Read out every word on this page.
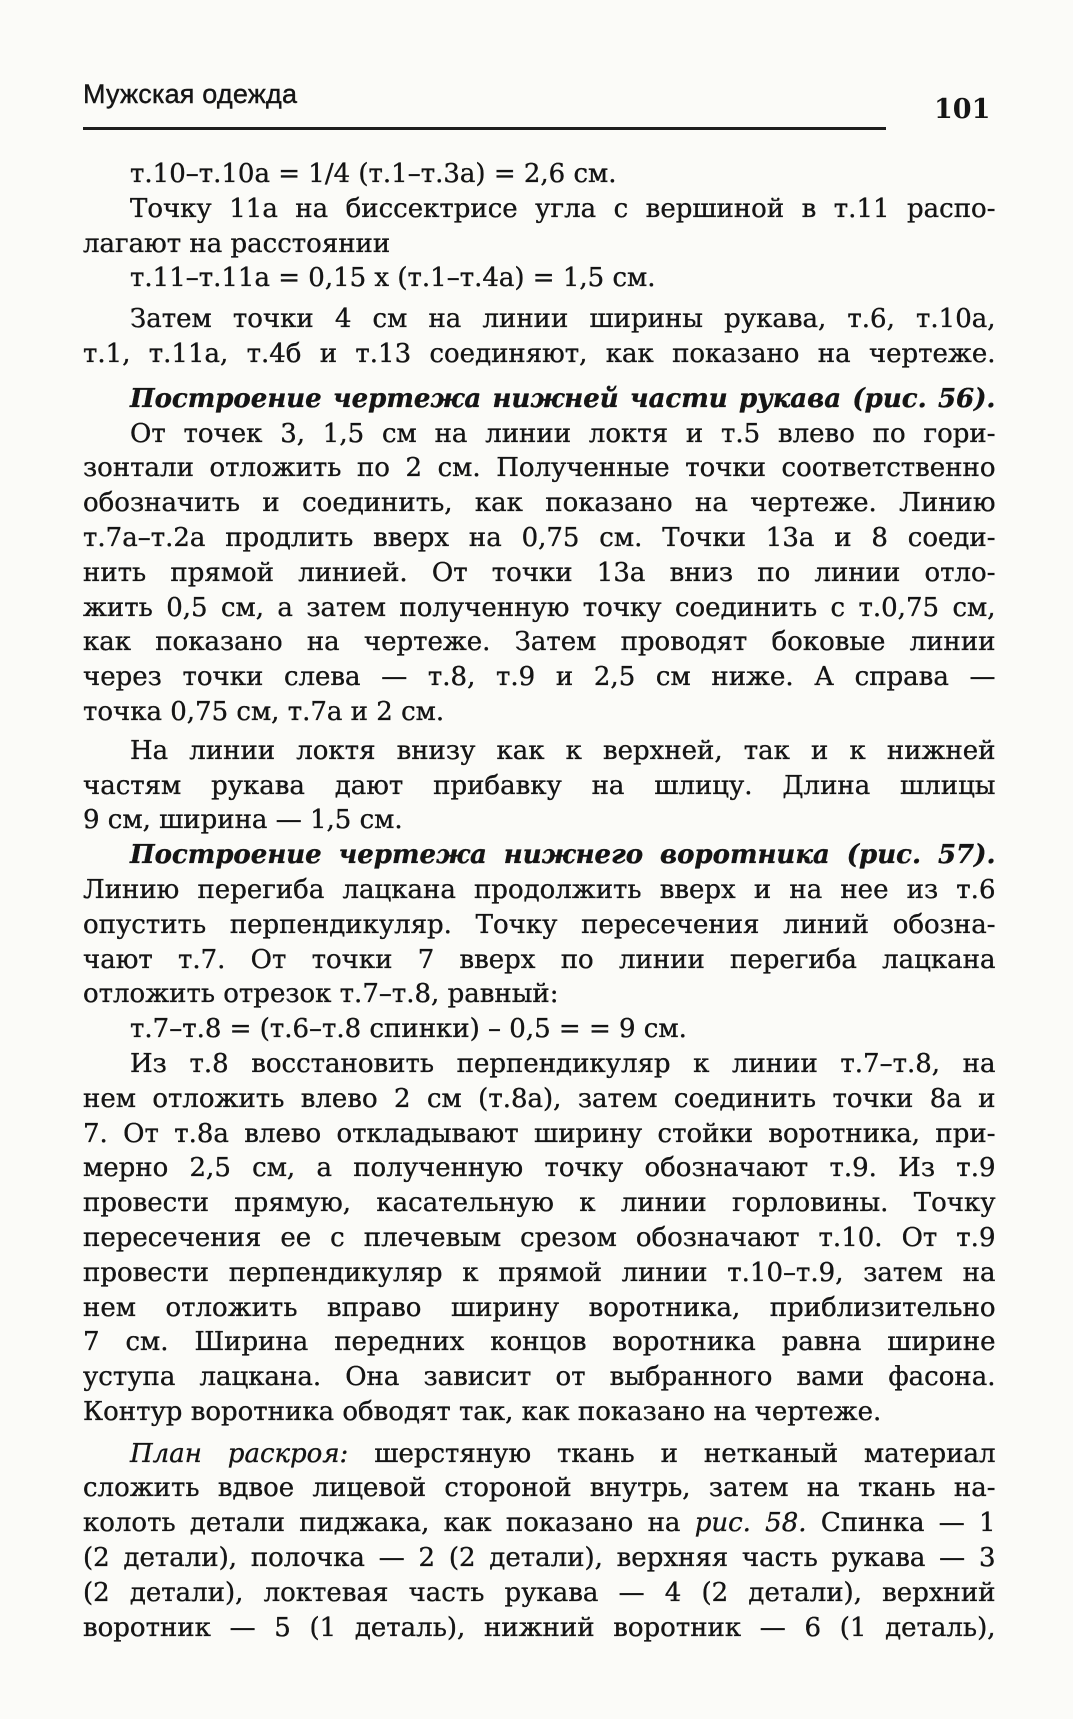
Мужская одежда	101
т.10–т.10а = 1/4 (т.1–т.3а) = 2,6 см.
Точку 11а на биссектрисе угла с вершиной в т.11 распо-
лагают на расстоянии
т.11–т.11а = 0,15 х (т.1–т.4а) = 1,5 см.
Затем точки 4 см на линии ширины рукава, т.6, т.10а,
т.1, т.11а, т.4б и т.13 соединяют, как показано на чертеже.
Построение чертежа нижней части рукава (рис. 56).
От точек 3, 1,5 см на линии локтя и т.5 влево по гори-
зонтали отложить по 2 см. Полученные точки соответственно
обозначить и соединить, как показано на чертеже. Линию
т.7а–т.2а продлить вверх на 0,75 см. Точки 13а и 8 соеди-
нить прямой линией. От точки 13а вниз по линии отло-
жить 0,5 см, а затем полученную точку соединить с т.0,75 см,
как показано на чертеже. Затем проводят боковые линии
через точки слева — т.8, т.9 и 2,5 см ниже. А справа —
точка 0,75 см, т.7а и 2 см.
На линии локтя внизу как к верхней, так и к нижней
частям рукава дают прибавку на шлицу. Длина шлицы
9 см, ширина — 1,5 см.
Построение чертежа нижнего воротника (рис. 57).
Линию перегиба лацкана продолжить вверх и на нее из т.6
опустить перпендикуляр. Точку пересечения линий обозна-
чают т.7. От точки 7 вверх по линии перегиба лацкана
отложить отрезок т.7–т.8, равный:
т.7–т.8 = (т.6–т.8 спинки) – 0,5 = = 9 см.
Из т.8 восстановить перпендикуляр к линии т.7–т.8, на
нем отложить влево 2 см (т.8а), затем соединить точки 8а и
7. От т.8а влево откладывают ширину стойки воротника, при-
мерно 2,5 см, а полученную точку обозначают т.9. Из т.9
провести прямую, касательную к линии горловины. Точку
пересечения ее с плечевым срезом обозначают т.10. От т.9
провести перпендикуляр к прямой линии т.10–т.9, затем на
нем отложить вправо ширину воротника, приблизительно
7 см. Ширина передних концов воротника равна ширине
уступа лацкана. Она зависит от выбранного вами фасона.
Контур воротника обводят так, как показано на чертеже.
План раскроя: шерстяную ткань и нетканый материал
сложить вдвое лицевой стороной внутрь, затем на ткань на-
колоть детали пиджака, как показано на рис. 58. Спинка — 1
(2 детали), полочка — 2 (2 детали), верхняя часть рукава — 3
(2 детали), локтевая часть рукава — 4 (2 детали), верхний
воротник — 5 (1 деталь), нижний воротник — 6 (1 деталь),
